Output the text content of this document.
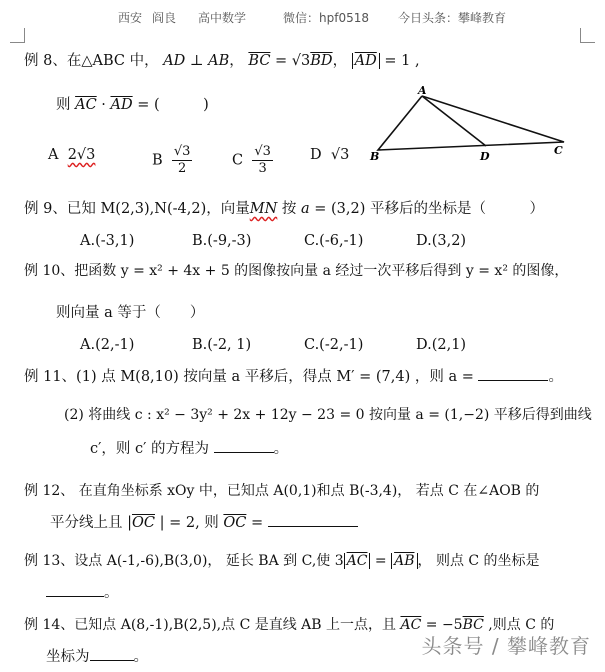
西安 阎良 高中数学	微信：hpf0518 今日头条：攀峰教育
例 8、在△ABC 中， AD ⊥ AB， $\overline{BC} = √3\overline{BD}$， $\overline{AD} = 1$ ,
则 $\overline{AC} \cdot \overline{AD}$ = (　　　)
A
B	D	C
A 2√3	B $\frac{√3}{2}$	C $\frac{√3}{3}$	D √3
例 9、已知 M(2,3),N(-4,2)，向量MN 按 a = (3,2) 平移后的坐标是（　　　）
A.(-3,1)	B.(-9,-3)	C.(-6,-1)	D.(3,2)
例 10、把函数 y = x² + 4x + 5 的图像按向量 a 经过一次平移后得到 y = x² 的图像，
则向量 a 等于（　　）
A.(2,-1)	B.(-2, 1)	C.(-2,-1)	D.(2,1)
例 11、(1) 点 M(8,10) 按向量 a 平移后，得点 M′ = (7,4) ，则 a =	。
(2) 将曲线 c : x² − 3y² + 2x + 12y − 23 = 0 按向量 a = (1,−2) 平移后得到曲线
c′，则 c′ 的方程为	。
例 12、 在直角坐标系 xOy 中，已知点 A(0,1)和点 B(-3,4)， 若点 C 在∠AOB 的
平分线上且 $|\overline{OC}$ | = 2, 则 $\overline{OC}$ =
例 13、设点 A(-1,-6),B(3,0)， 延长 BA 到 C,使 3 $\overline{AC} = \overline{AB}$ ， 则点 C 的坐标是
。
例 14、已知点 A(8,-1),B(2,5),点 C 是直线 AB 上一点，且 $\overline{AC} = -5\overline{BC}$ ,则点 C 的
坐标为	。	头条号 / 攀峰教育
